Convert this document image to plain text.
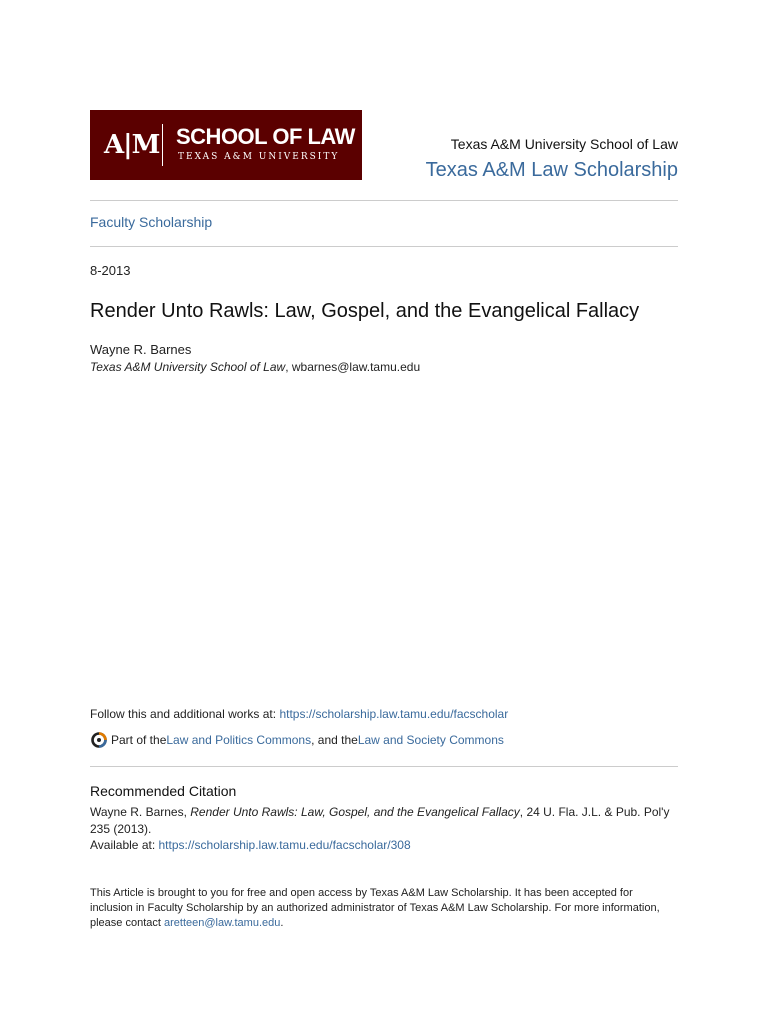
A|M SCHOOL OF LAW
TEXAS A&M UNIVERSITY
Texas A&M University School of Law
Texas A&M Law Scholarship
Faculty Scholarship
8-2013
Render Unto Rawls: Law, Gospel, and the Evangelical Fallacy
Wayne R. Barnes
Texas A&M University School of Law, wbarnes@law.tamu.edu
Follow this and additional works at: https://scholarship.law.tamu.edu/facscholar
Part of the Law and Politics Commons , and the Law and Society Commons
Recommended Citation
Wayne R. Barnes, Render Unto Rawls: Law, Gospel, and the Evangelical Fallacy, 24 U. Fla. J.L. & Pub. Pol'y 235 (2013).
Available at: https://scholarship.law.tamu.edu/facscholar/308
This Article is brought to you for free and open access by Texas A&M Law Scholarship. It has been accepted for inclusion in Faculty Scholarship by an authorized administrator of Texas A&M Law Scholarship. For more information, please contact aretteen@law.tamu.edu.
